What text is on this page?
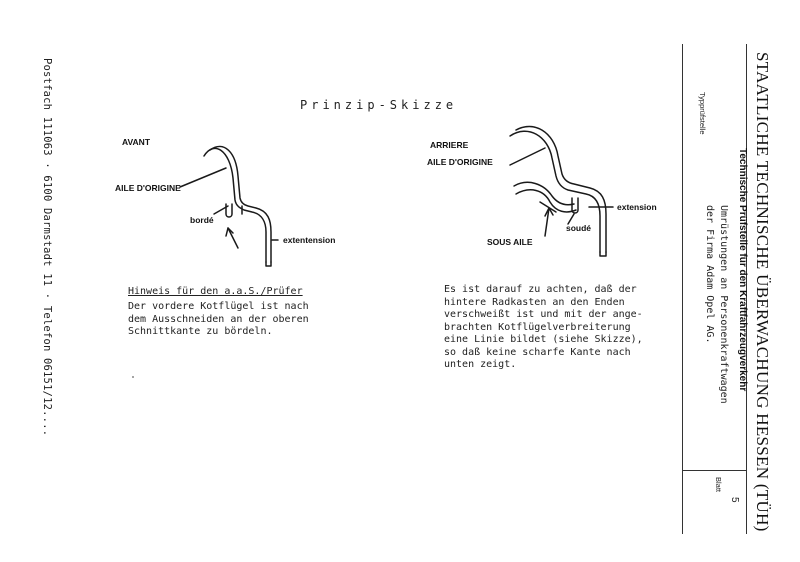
Postfach 111063 · 6100 Darmstadt 11 · Telefon 06151/12....	Prinzip-Skizze
AVANT
AILE D'ORIGINE
bordé
extentension
ARRIERE
AILE D'ORIGINE
extension
soudé
SOUS AILE
Hinweis für den a.a.S./Prüfer
Der vordere Kotflügel ist nach
dem Ausschneiden an der oberen
Schnittkante zu bördeln.
Es ist darauf zu achten, daß der
hintere Radkasten an den Enden
verschweißt ist und mit der ange-
brachten Kotflügelverbreiterung
eine Linie bildet (siehe Skizze),
so daß keine scharfe Kante nach
unten zeigt.	STAATLICHE TECHNISCHE ÜBERWACHUNG HESSEN (TÜH)
Technische Prüfstelle für den Kraftfahrzeugverkehr
Typprüfstelle
Umrüstungen an Personenkraftwagen
der Firma Adam Opel AG.
Blatt
5
